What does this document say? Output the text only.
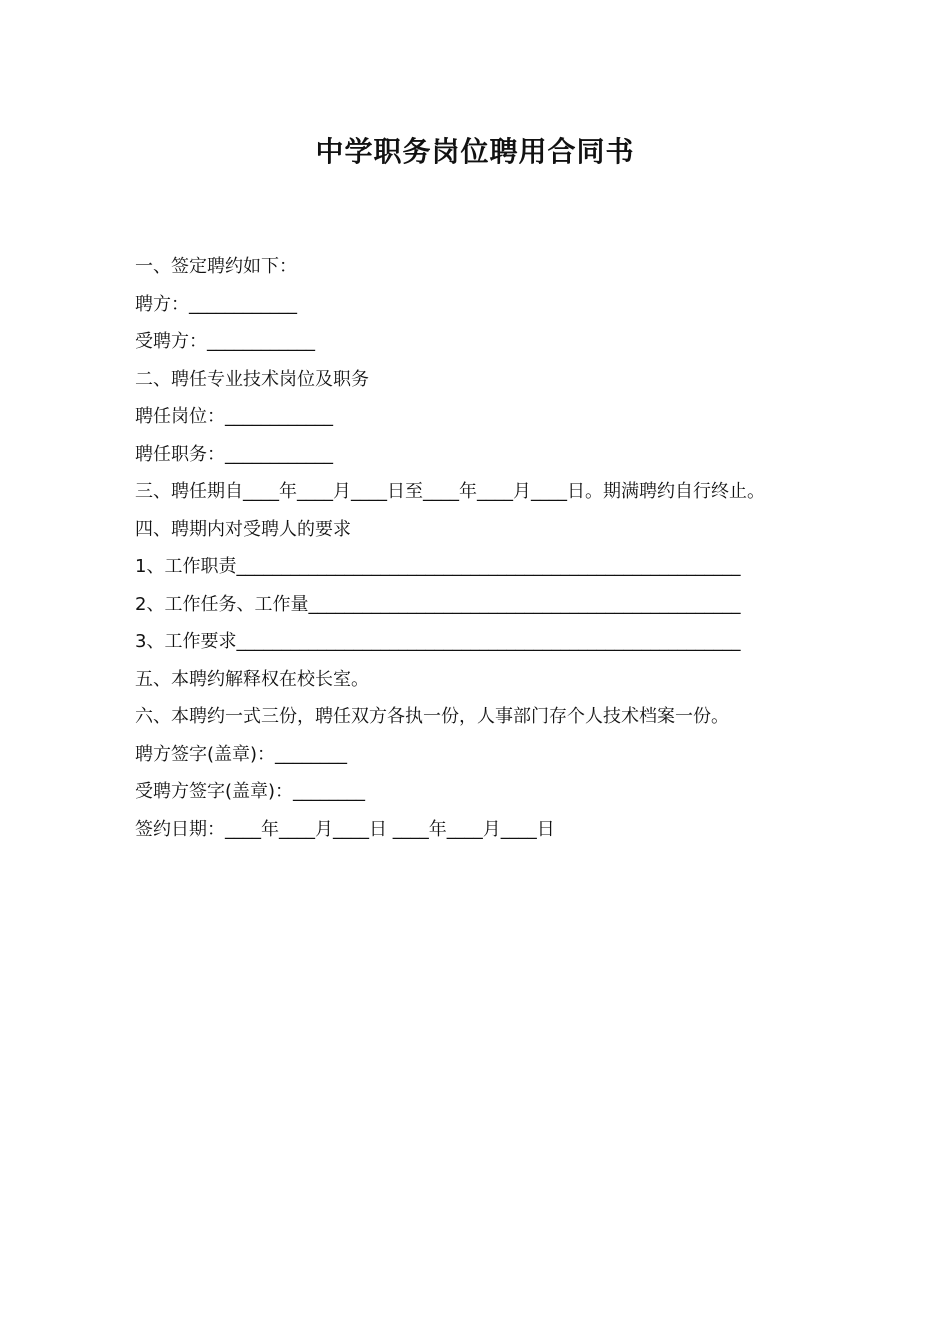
中学职务岗位聘用合同书
一、签定聘约如下：
聘方：____________
受聘方：____________
二、聘任专业技术岗位及职务
聘任岗位：____________
聘任职务：____________
三、聘任期自____年____月____日至____年____月____日。期满聘约自行终止。
四、聘期内对受聘人的要求
1、工作职责________________________________________________________
2、工作任务、工作量________________________________________________
3、工作要求________________________________________________________
五、本聘约解释权在校长室。
六、本聘约一式三份，聘任双方各执一份，人事部门存个人技术档案一份。
聘方签字(盖章)：________
受聘方签字(盖章)：________
签约日期：____年____月____日 ____年____月____日
